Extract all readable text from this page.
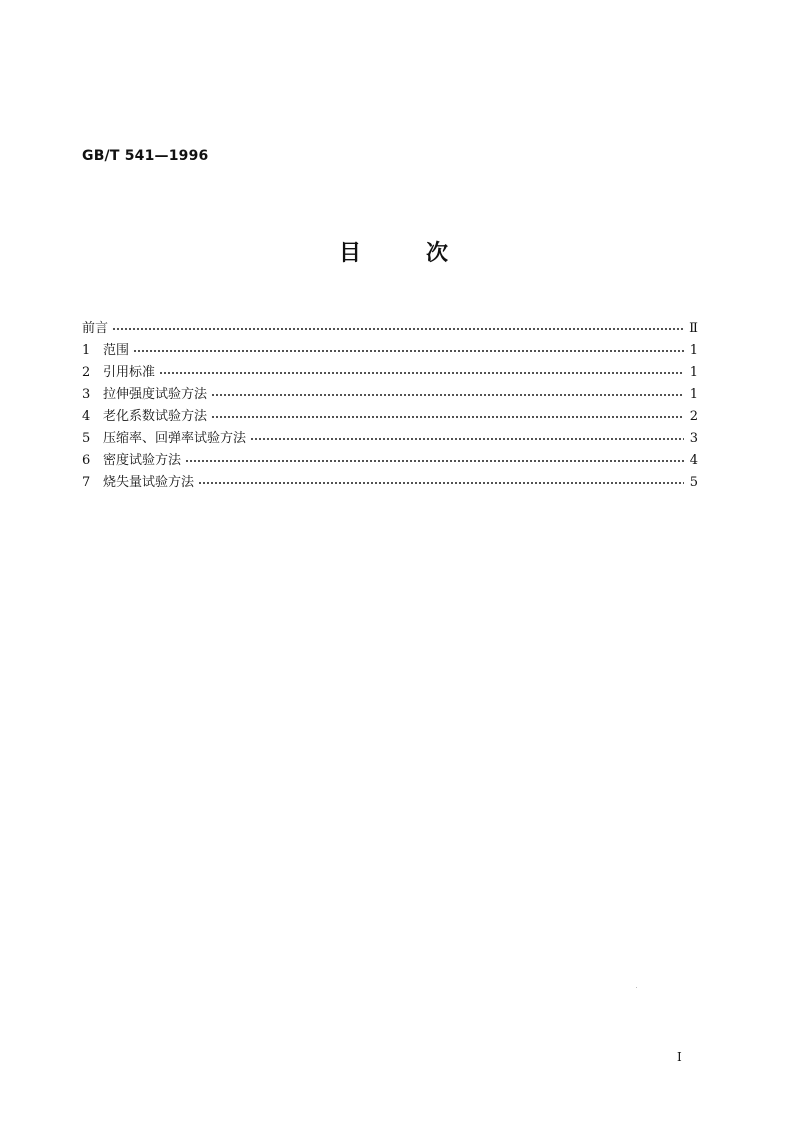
GB/T 541—1996
目	次
前言	Ⅱ
1 范围	1
2 引用标准	1
3 拉伸强度试验方法	1
4 老化系数试验方法	2
5 压缩率、回弹率试验方法	3
6 密度试验方法	4
7 烧失量试验方法	5
I
